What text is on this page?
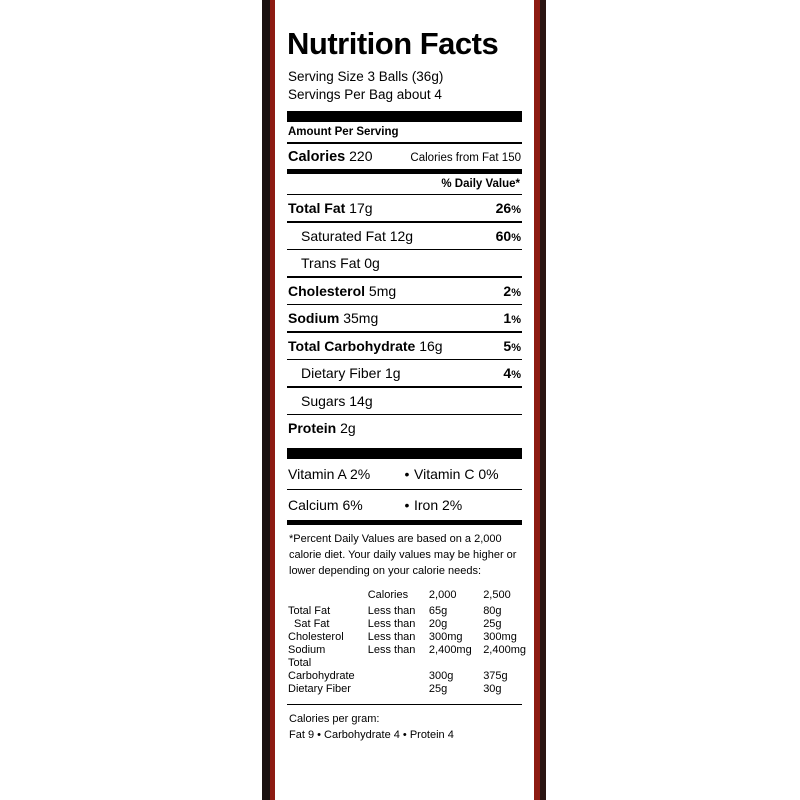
Nutrition Facts
Serving Size 3 Balls (36g)
Servings Per Bag about 4
Amount Per Serving
Calories 220	Calories from Fat 150
% Daily Value*
Total Fat 17g	26%
Saturated Fat 12g	60%
Trans Fat 0g
Cholesterol 5mg	2%
Sodium 35mg	1%
Total Carbohydrate 16g	5%
Dietary Fiber 1g	4%
Sugars 14g
Protein 2g
Vitamin A 2%	• Vitamin C 0%
Calcium 6%	• Iron 2%
*Percent Daily Values are based on a 2,000 calorie diet. Your daily values may be higher or lower depending on your calorie needs:
	Calories	2,000	2,500
Total Fat	Less than	65g	80g
Sat Fat	Less than	20g	25g
Cholesterol	Less than	300mg	300mg
Sodium	Less than	2,400mg	2,400mg
Total			
Carbohydrate		300g	375g
Dietary Fiber		25g	30g
Calories per gram:
Fat 9 • Carbohydrate 4 • Protein 4
